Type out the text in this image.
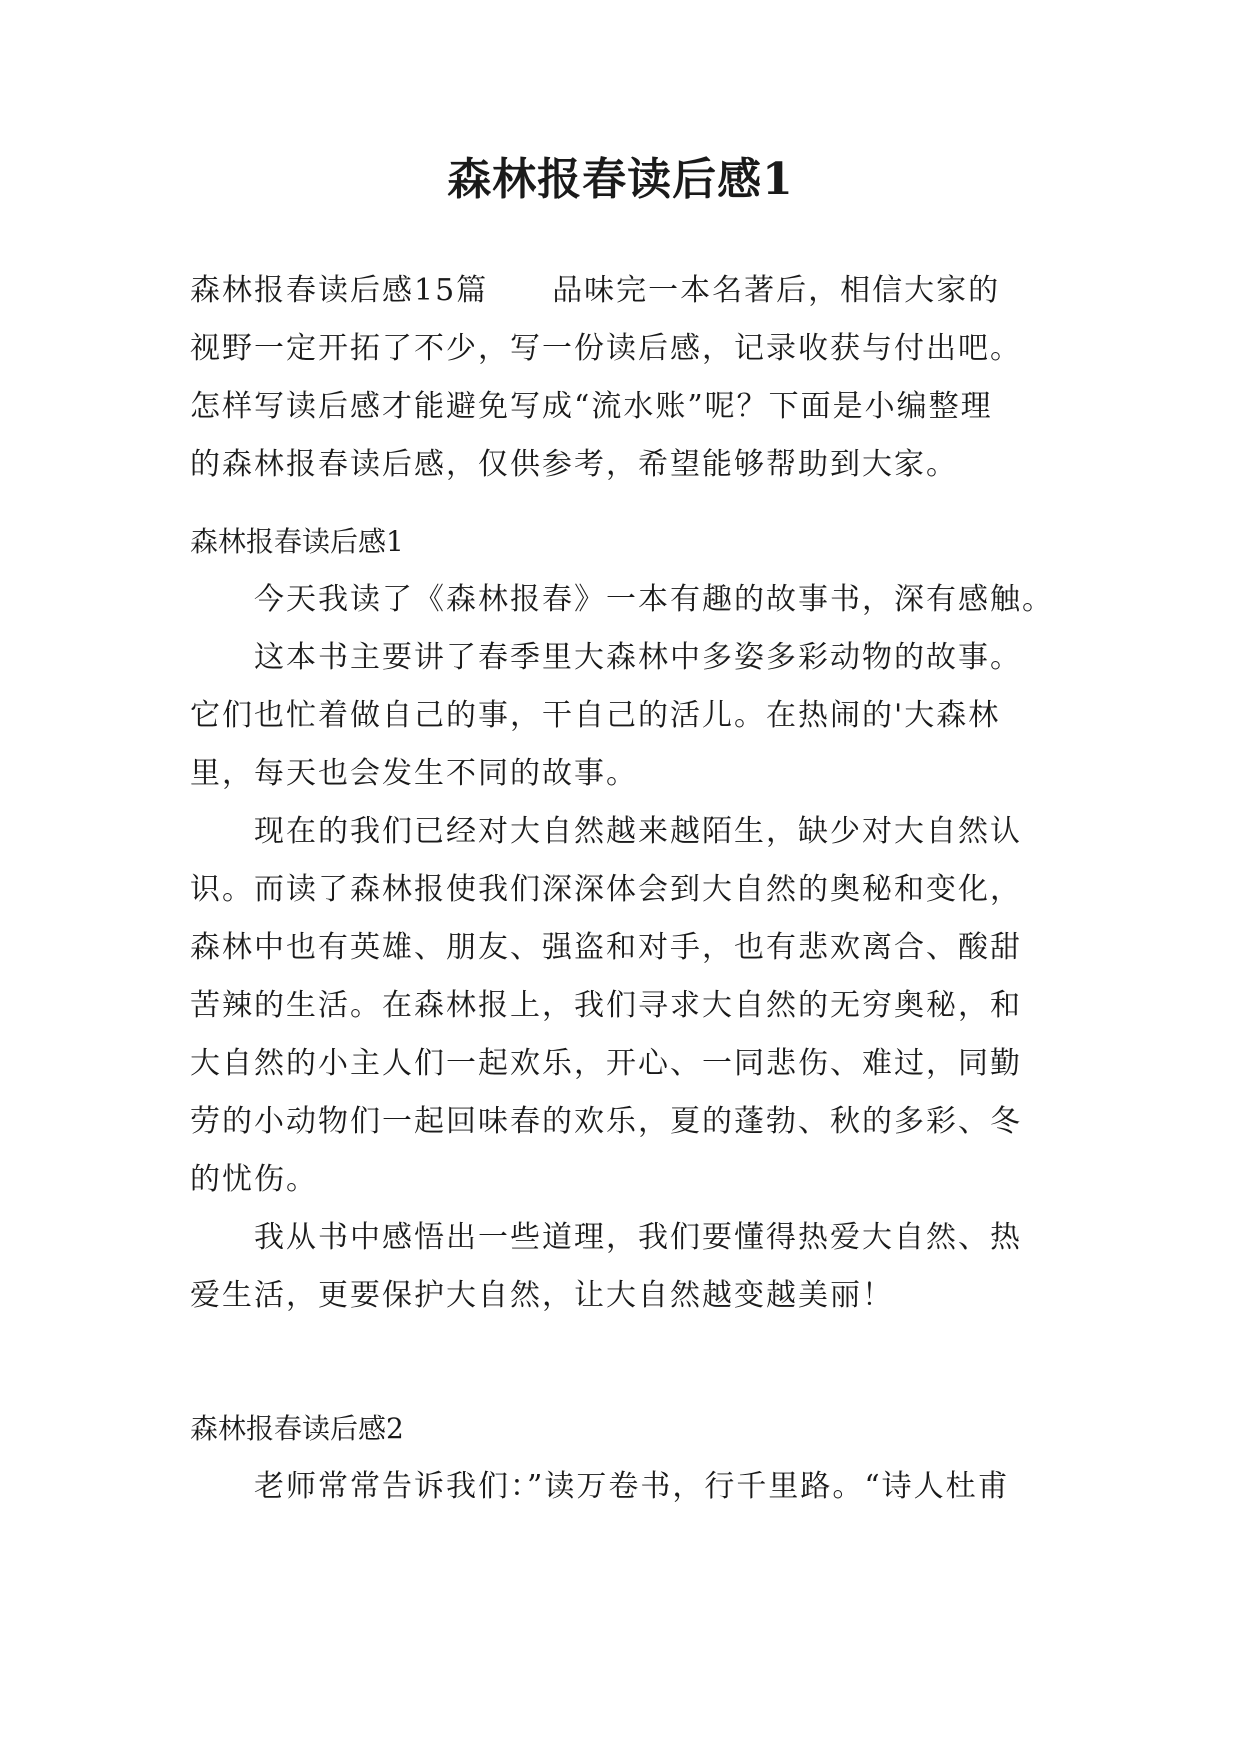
森林报春读后感1
森林报春读后感15篇 品味完一本名著后，相信大家的
视野一定开拓了不少，写一份读后感，记录收获与付出吧。
怎样写读后感才能避免写成“流水账”呢？下面是小编整理
的森林报春读后感，仅供参考，希望能够帮助到大家。
森林报春读后感1
今天我读了《森林报春》一本有趣的故事书，深有感触。
这本书主要讲了春季里大森林中多姿多彩动物的故事。
它们也忙着做自己的事，干自己的活儿。在热闹的'大森林
里，每天也会发生不同的故事。
现在的我们已经对大自然越来越陌生，缺少对大自然认
识。而读了森林报使我们深深体会到大自然的奥秘和变化，
森林中也有英雄、朋友、强盗和对手，也有悲欢离合、酸甜
苦辣的生活。在森林报上，我们寻求大自然的无穷奥秘，和
大自然的小主人们一起欢乐，开心、一同悲伤、难过，同勤
劳的小动物们一起回味春的欢乐，夏的蓬勃、秋的多彩、冬
的忧伤。
我从书中感悟出一些道理，我们要懂得热爱大自然、热
爱生活，更要保护大自然，让大自然越变越美丽！
森林报春读后感2
老师常常告诉我们：”读万卷书，行千里路。“诗人杜甫
